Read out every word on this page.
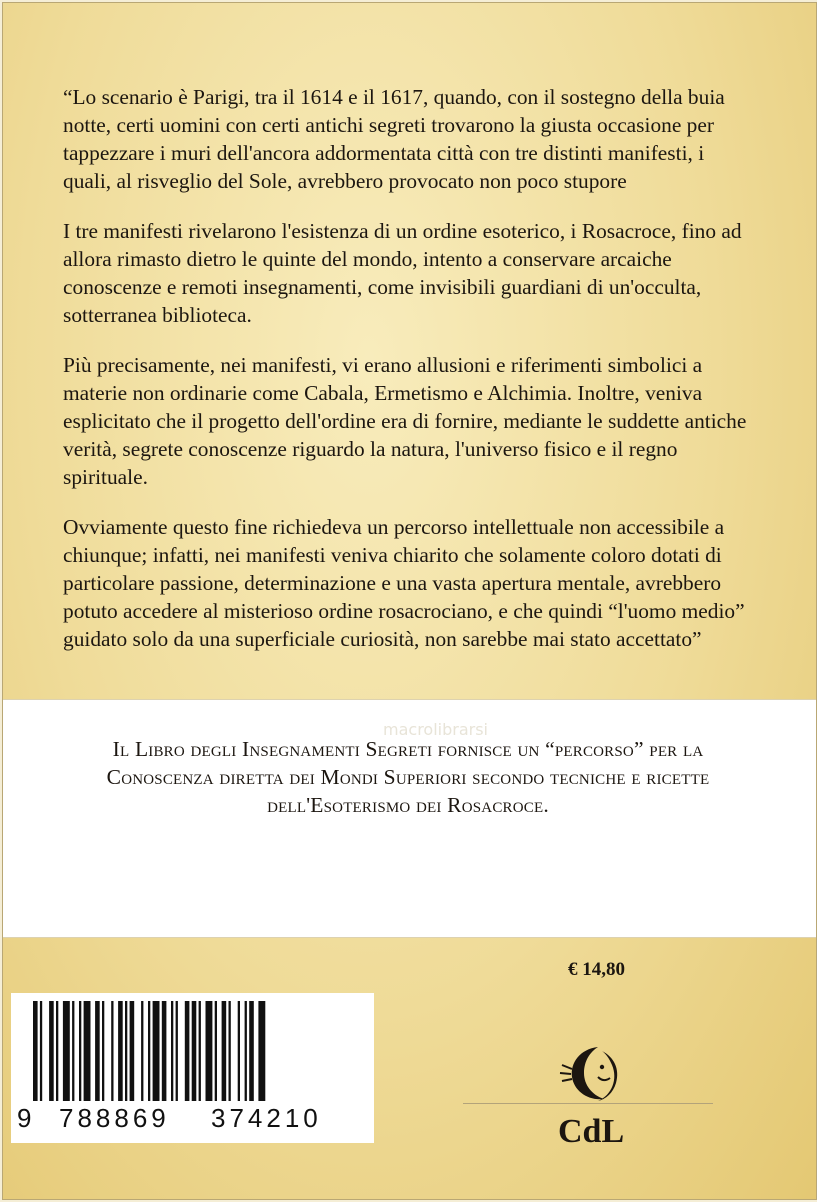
“Lo scenario è Parigi, tra il 1614 e il 1617, quando, con il sostegno della buia notte, certi uomini con certi antichi segreti trovarono la giusta occasione per tappezzare i muri dell'ancora addormentata città con tre distinti manifesti, i quali, al risveglio del Sole, avrebbero provocato non poco stupore

I tre manifesti rivelarono l'esistenza di un ordine esoterico, i Rosacroce, fino ad allora rimasto dietro le quinte del mondo, intento a conservare arcaiche conoscenze e remoti insegnamenti, come invisibili guardiani di un'occulta, sotterranea biblioteca.

Più precisamente, nei manifesti, vi erano allusioni e riferimenti simbolici a materie non ordinarie come Cabala, Ermetismo e Alchimia. Inoltre, veniva esplicitato che il progetto dell'ordine era di fornire, mediante le suddette antiche verità, segrete conoscenze riguardo la natura, l'universo fisico e il regno spirituale.

Ovviamente questo fine richiedeva un percorso intellettuale non accessibile a chiunque; infatti, nei manifesti veniva chiarito che solamente coloro dotati di particolare passione, determinazione e una vasta apertura mentale, avrebbero potuto accedere al misterioso ordine rosacrociano, e che quindi “l'uomo medio” guidato solo da una superficiale curiosità, non sarebbe mai stato accettato”

macrolibrarsi
Il Libro degli Insegnamenti Segreti fornisce un “percorso” per la Conoscenza diretta dei Mondi Superiori secondo tecniche e ricette dell'Esoterismo dei Rosacroce.
€ 14,80
9 788869 374210	CdL
